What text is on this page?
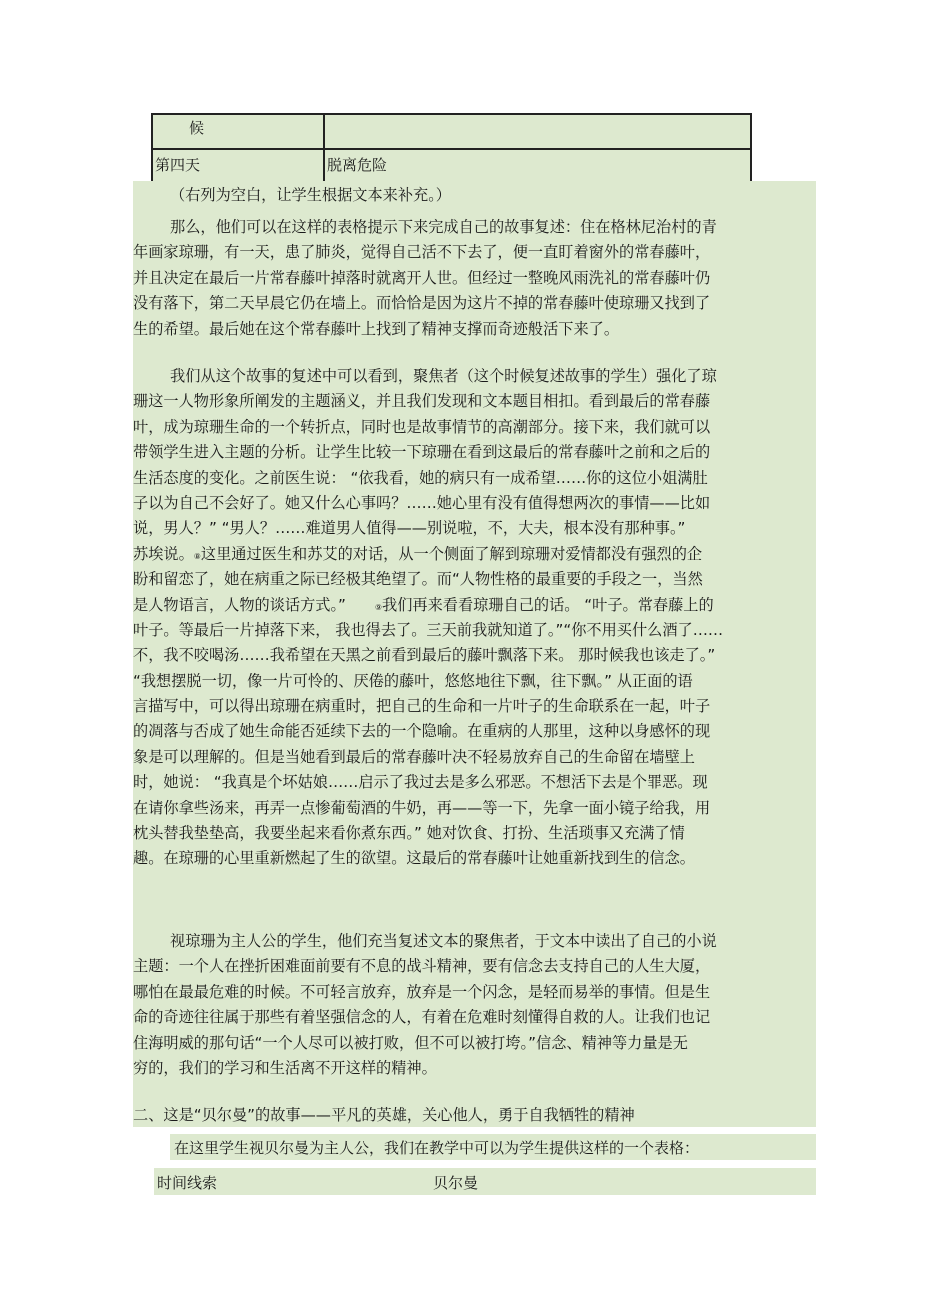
候
第四天	脱离危险
（右列为空白，让学生根据文本来补充。）
那么，他们可以在这样的表格提示下来完成自己的故事复述：住在格林尼治村的青
年画家琼珊，有一天，患了肺炎，觉得自己活不下去了，便一直盯着窗外的常春藤叶，
并且决定在最后一片常春藤叶掉落时就离开人世。但经过一整晚风雨洗礼的常春藤叶仍
没有落下，第二天早晨它仍在墙上。而恰恰是因为这片不掉的常春藤叶使琼珊又找到了
生的希望。最后她在这个常春藤叶上找到了精神支撑而奇迹般活下来了。
我们从这个故事的复述中可以看到，聚焦者（这个时候复述故事的学生）强化了琼
珊这一人物形象所阐发的主题涵义，并且我们发现和文本题目相扣。看到最后的常春藤
叶，成为琼珊生命的一个转折点，同时也是故事情节的高潮部分。接下来，我们就可以
带领学生进入主题的分析。让学生比较一下琼珊在看到这最后的常春藤叶之前和之后的
生活态度的变化。之前医生说： “依我看，她的病只有一成希望……你的这位小姐满肚
子以为自己不会好了。她又什么心事吗？……她心里有没有值得想两次的事情——比如
说，男人？” “男人？……难道男人值得——别说啦，不，大夫，根本没有那种事。”
苏埃说。⑧这里通过医生和苏艾的对话，从一个侧面了解到琼珊对爱情都没有强烈的企
盼和留恋了，她在病重之际已经极其绝望了。而“人物性格的最重要的手段之一，当然
是人物语言，人物的谈话方式。”	⑨我们再来看看琼珊自己的话。 “叶子。常春藤上的
叶子。等最后一片掉落下来， 我也得去了。三天前我就知道了。”“你不用买什么酒了……
不，我不咬喝汤……我希望在天黑之前看到最后的藤叶飘落下来。 那时候我也该走了。”
“我想摆脱一切，像一片可怜的、厌倦的藤叶，悠悠地往下飘，往下飘。” 从正面的语
言描写中，可以得出琼珊在病重时，把自己的生命和一片叶子的生命联系在一起，叶子
的凋落与否成了她生命能否延续下去的一个隐喻。在重病的人那里，这种以身感怀的现
象是可以理解的。但是当她看到最后的常春藤叶决不轻易放弃自己的生命留在墙壁上
时，她说： “我真是个坏姑娘……启示了我过去是多么邪恶。不想活下去是个罪恶。现
在请你拿些汤来，再弄一点惨葡萄酒的牛奶，再——等一下，先拿一面小镜子给我，用
枕头替我垫垫高，我要坐起来看你煮东西。” 她对饮食、打扮、生活琐事又充满了情
趣。在琼珊的心里重新燃起了生的欲望。这最后的常春藤叶让她重新找到生的信念。
视琼珊为主人公的学生，他们充当复述文本的聚焦者，于文本中读出了自己的小说
主题：一个人在挫折困难面前要有不息的战斗精神，要有信念去支持自己的人生大厦，
哪怕在最最危难的时候。不可轻言放弃，放弃是一个闪念，是轻而易举的事情。但是生
命的奇迹往往属于那些有着坚强信念的人，有着在危难时刻懂得自救的人。让我们也记
住海明威的那句话“一个人尽可以被打败，但不可以被打垮。”信念、精神等力量是无
穷的，我们的学习和生活离不开这样的精神。
二、这是“贝尔曼”的故事——平凡的英雄，关心他人，勇于自我牺牲的精神
在这里学生视贝尔曼为主人公，我们在教学中可以为学生提供这样的一个表格：
时间线索	贝尔曼
